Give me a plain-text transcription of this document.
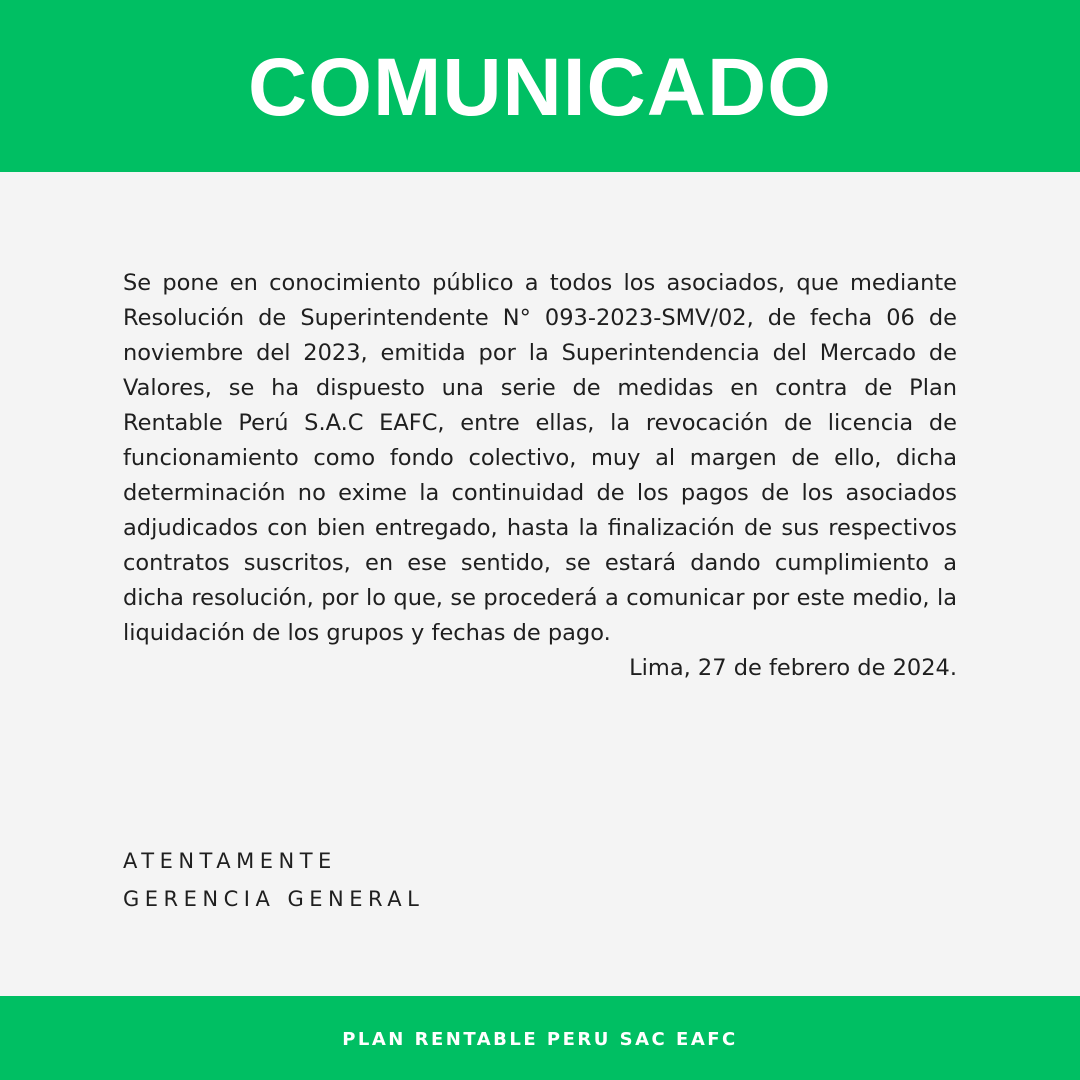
COMUNICADO

Se pone en conocimiento público a todos los asociados, que mediante Resolución de Superintendente N° 093-2023-SMV/02, de fecha 06 de noviembre del 2023, emitida por la Superintendencia del Mercado de Valores, se ha dispuesto una serie de medidas en contra de Plan Rentable Perú S.A.C EAFC, entre ellas, la revocación de licencia de funcionamiento como fondo colectivo, muy al margen de ello, dicha determinación no exime la continuidad de los pagos de los asociados adjudicados con bien entregado, hasta la finalización de sus respectivos contratos suscritos, en ese sentido, se estará dando cumplimiento a dicha resolución, por lo que, se procederá a comunicar por este medio, la liquidación de los grupos y fechas de pago.

Lima, 27 de febrero de 2024.

ATENTAMENTE
GERENCIA GENERAL
PLAN RENTABLE PERU SAC EAFC
